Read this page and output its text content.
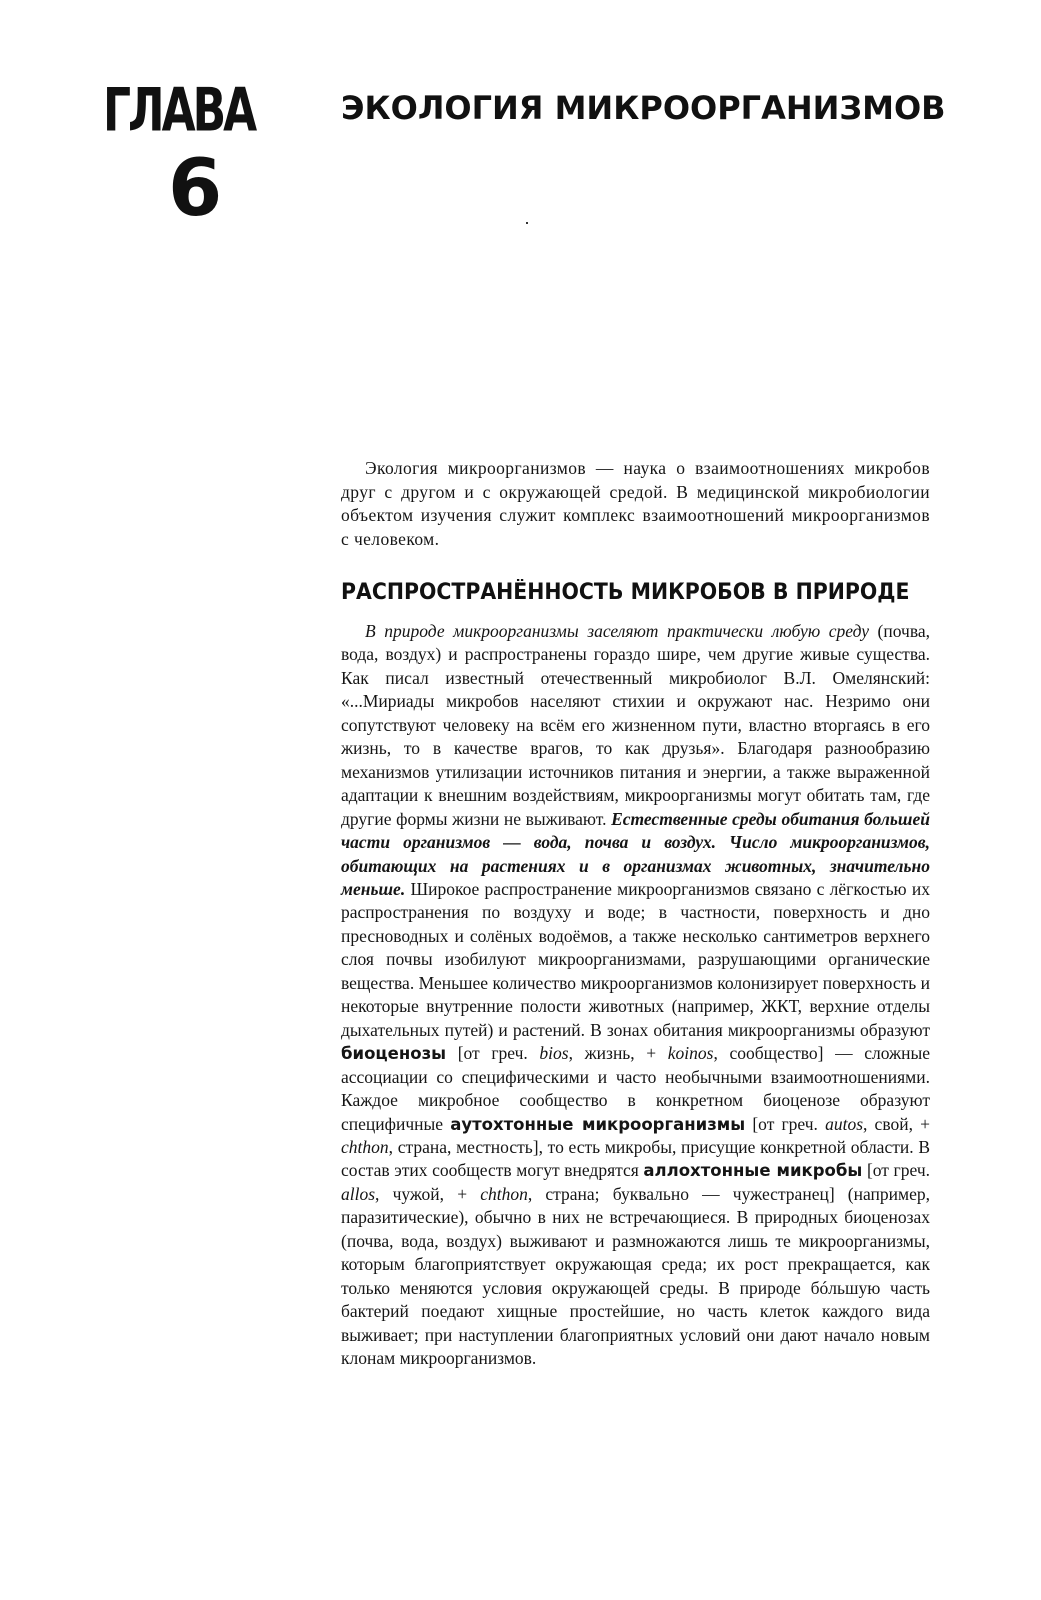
ГЛАВА
6
ЭКОЛОГИЯ МИКРООРГАНИЗМОВ

Экология микроорганизмов — наука о взаимоотношениях микробов друг с другом и с окружающей средой. В медицинской микробиологии объектом изучения служит комплекс взаимоотношений микроорганизмов с человеком.

РАСПРОСТРАНЁННОСТЬ МИКРОБОВ В ПРИРОДЕ

В природе микроорганизмы заселяют практически любую среду (почва, вода, воздух) и распространены гораздо шире, чем другие живые существа. Как писал известный отечественный микробиолог В.Л. Омелянский: «...Мириады микробов населяют стихии и окружают нас. Незримо они сопутствуют человеку на всём его жизненном пути, властно вторгаясь в его жизнь, то в качестве врагов, то как друзья». Благодаря разнообразию механизмов утилизации источников питания и энергии, а также выраженной адаптации к внешним воздействиям, микроорганизмы могут обитать там, где другие формы жизни не выживают. Естественные среды обитания большей части организмов — вода, почва и воздух. Число микроорганизмов, обитающих на растениях и в организмах животных, значительно меньше. Широкое распространение микроорганизмов связано с лёгкостью их распространения по воздуху и воде; в частности, поверхность и дно пресноводных и солёных водоёмов, а также несколько сантиметров верхнего слоя почвы изобилуют микроорганизмами, разрушающими органические вещества. Меньшее количество микроорганизмов колонизирует поверхность и некоторые внутренние полости животных (например, ЖКТ, верхние отделы дыхательных путей) и растений. В зонах обитания микроорганизмы образуют биоценозы [от греч. bios, жизнь, + koinos, сообщество] — сложные ассоциации со специфическими и часто необычными взаимоотношениями. Каждое микробное сообщество в конкретном биоценозе образуют специфичные аутохтонные микроорганизмы [от греч. autos, свой, + chthon, страна, местность], то есть микробы, присущие конкретной области. В состав этих сообществ могут внедрятся аллохтонные микробы [от греч. allos, чужой, + chthon, страна; буквально — чужестранец] (например, паразитические), обычно в них не встречающиеся. В природных биоценозах (почва, вода, воздух) выживают и размножаются лишь те микроорганизмы, которым благоприятствует окружающая среда; их рост прекращается, как только меняются условия окружающей среды. В природе бóльшую часть бактерий поедают хищные простейшие, но часть клеток каждого вида выживает; при наступлении благоприятных условий они дают начало новым клонам микроорганизмов.
